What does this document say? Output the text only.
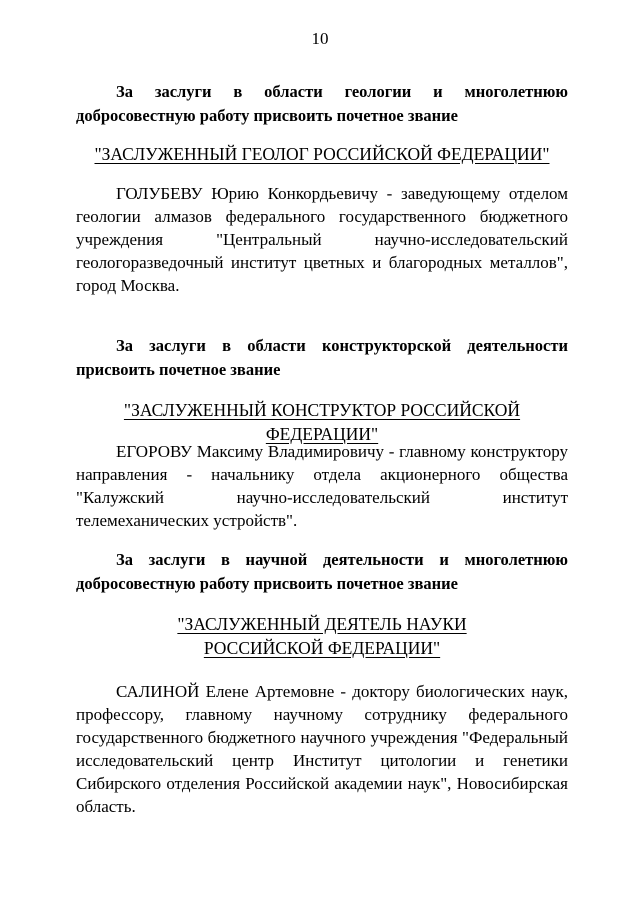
10

За заслуги в области геологии и многолетнюю добросовестную работу присвоить почетное звание

"ЗАСЛУЖЕННЫЙ ГЕОЛОГ РОССИЙСКОЙ ФЕДЕРАЦИИ"

ГОЛУБЕВУ Юрию Конкордьевичу - заведующему отделом геологии алмазов федерального государственного бюджетного учреждения "Центральный научно-исследовательский геологоразведочный институт цветных и благородных металлов", город Москва.

За заслуги в области конструкторской деятельности присвоить почетное звание

"ЗАСЛУЖЕННЫЙ КОНСТРУКТОР РОССИЙСКОЙ ФЕДЕРАЦИИ"

ЕГОРОВУ Максиму Владимировичу - главному конструктору направления - начальнику отдела акционерного общества "Калужский научно-исследовательский институт телемеханических устройств".

За заслуги в научной деятельности и многолетнюю добросовестную работу присвоить почетное звание

"ЗАСЛУЖЕННЫЙ ДЕЯТЕЛЬ НАУКИ

РОССИЙСКОЙ ФЕДЕРАЦИИ"

САЛИНОЙ Елене Артемовне - доктору биологических наук, профессору, главному научному сотруднику федерального государственного бюджетного научного учреждения "Федеральный исследовательский центр Институт цитологии и генетики Сибирского отделения Российской академии наук", Новосибирская область.
